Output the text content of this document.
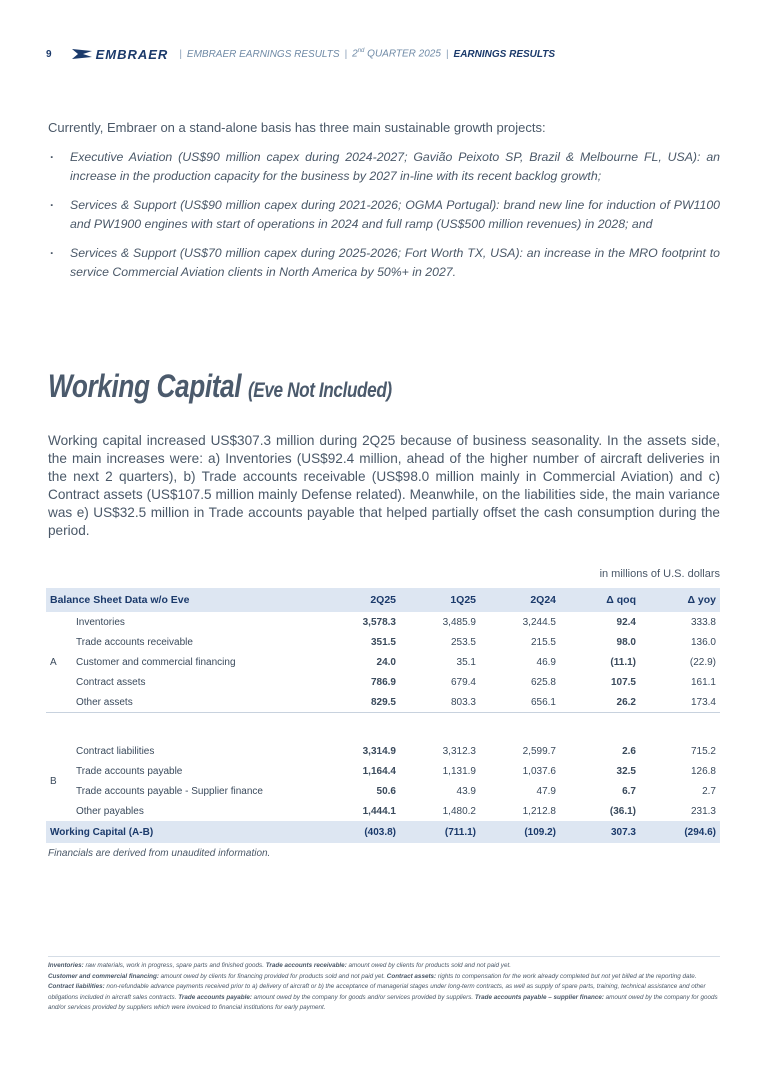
9	EMBRAER | EMBRAER EARNINGS RESULTS | 2nd QUARTER 2025 | EARNINGS RESULTS
Currently, Embraer on a stand-alone basis has three main sustainable growth projects:
· Executive Aviation (US$90 million capex during 2024-2027; Gavião Peixoto SP, Brazil & Melbourne FL, USA): an increase in the production capacity for the business by 2027 in-line with its recent backlog growth;
· Services & Support (US$90 million capex during 2021-2026; OGMA Portugal): brand new line for induction of PW1100 and PW1900 engines with start of operations in 2024 and full ramp (US$500 million revenues) in 2028; and
· Services & Support (US$70 million capex during 2025-2026; Fort Worth TX, USA): an increase in the MRO footprint to service Commercial Aviation clients in North America by 50%+ in 2027.
Working Capital (Eve Not Included)
Working capital increased US$307.3 million during 2Q25 because of business seasonality. In the assets side, the main increases were: a) Inventories (US$92.4 million, ahead of the higher number of aircraft deliveries in the next 2 quarters), b) Trade accounts receivable (US$98.0 million mainly in Commercial Aviation) and c) Contract assets (US$107.5 million mainly Defense related). Meanwhile, on the liabilities side, the main variance was e) US$32.5 million in Trade accounts payable that helped partially offset the cash consumption during the period.
in millions of U.S. dollars
Balance Sheet Data w/o Eve		2Q25	1Q25	2Q24	Δ qoq	Δ yoy
A	Inventories	3,578.3	3,485.9	3,244.5	92.4	333.8
	Trade accounts receivable	351.5	253.5	215.5	98.0	136.0
	Customer and commercial financing	24.0	35.1	46.9	(11.1)	(22.9)
	Contract assets	786.9	679.4	625.8	107.5	161.1
	Other assets	829.5	803.3	656.1	26.2	173.4

B	Contract liabilities	3,314.9	3,312.3	2,599.7	2.6	715.2
	Trade accounts payable	1,164.4	1,131.9	1,037.6	32.5	126.8
	Trade accounts payable - Supplier finance	50.6	43.9	47.9	6.7	2.7
	Other payables	1,444.1	1,480.2	1,212.8	(36.1)	231.3
Working Capital (A-B)		(403.8)	(711.1)	(109.2)	307.3	(294.6)
Financials are derived from unaudited information.
Inventories: raw materials, work in progress, spare parts and finished goods. Trade accounts receivable: amount owed by clients for products sold and not paid yet.
Customer and commercial financing: amount owed by clients for financing provided for products sold and not paid yet. Contract assets: rights to compensation for the work already completed but not yet billed at the reporting date. Contract liabilities: non-refundable advance payments received prior to a) delivery of aircraft or b) the acceptance of managerial stages under long-term contracts, as well as supply of spare parts, training, technical assistance and other obligations included in aircraft sales contracts. Trade accounts payable: amount owed by the company for goods and/or services provided by suppliers. Trade accounts payable – supplier finance: amount owed by the company for goods and/or services provided by suppliers which were invoiced to financial institutions for early payment.
